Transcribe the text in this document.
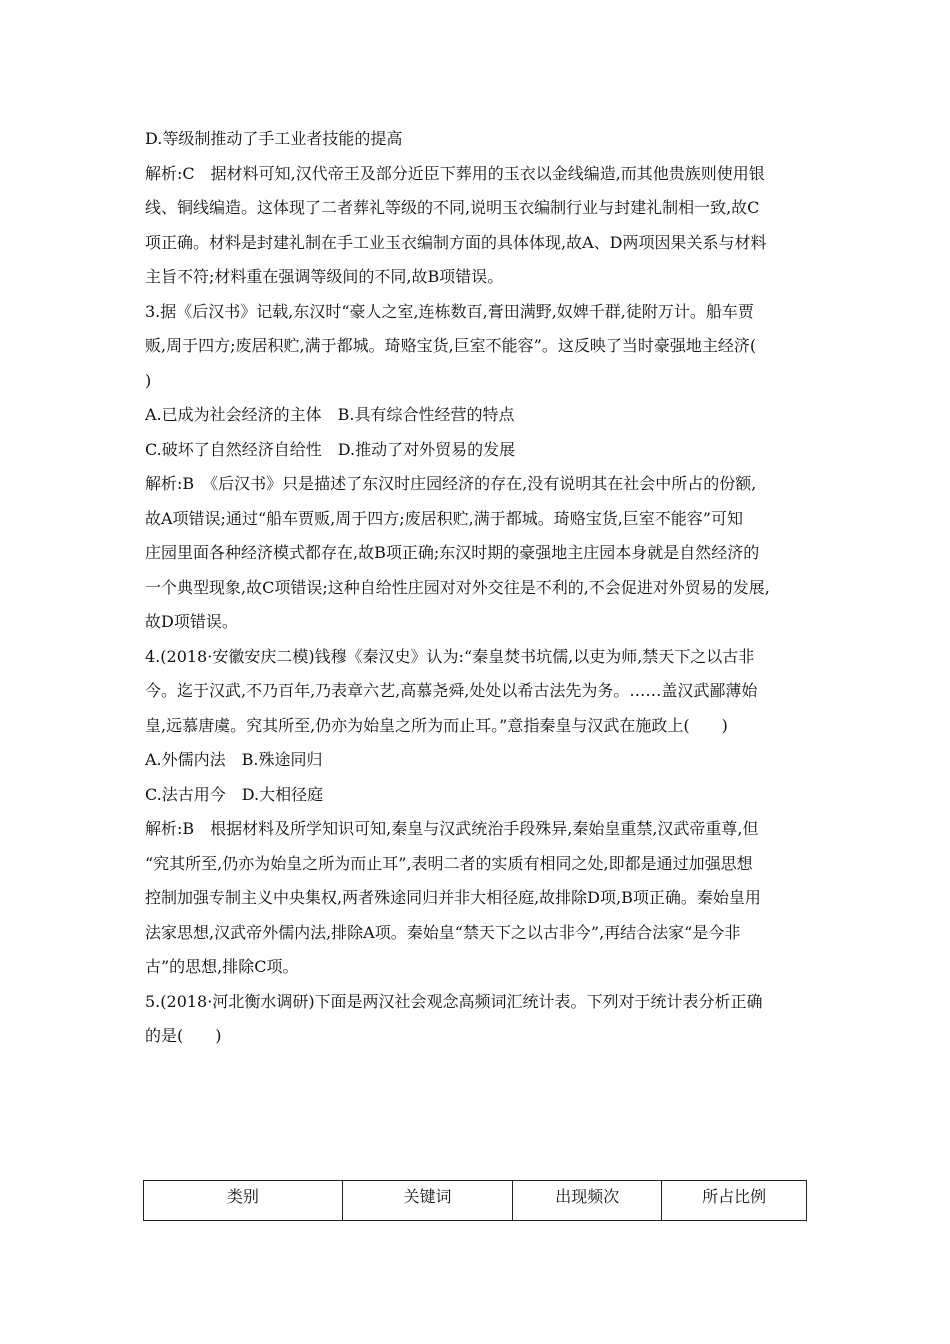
D.等级制推动了手工业者技能的提高

解析:C　据材料可知,汉代帝王及部分近臣下葬用的玉衣以金线编造,而其他贵族则使用银

线、铜线编造。这体现了二者葬礼等级的不同,说明玉衣编制行业与封建礼制相一致,故C

项正确。材料是封建礼制在手工业玉衣编制方面的具体体现,故A、D两项因果关系与材料

主旨不符;材料重在强调等级间的不同,故B项错误。

3.据《后汉书》记载,东汉时“豪人之室,连栋数百,膏田满野,奴婢千群,徒附万计。船车贾

贩,周于四方;废居积贮,满于都城。琦赂宝货,巨室不能容”。这反映了当时豪强地主经济(

)

A.已成为社会经济的主体　B.具有综合性经营的特点

C.破坏了自然经济自给性　D.推动了对外贸易的发展

解析:B　《后汉书》只是描述了东汉时庄园经济的存在,没有说明其在社会中所占的份额,

故A项错误;通过“船车贾贩,周于四方;废居积贮,满于都城。琦赂宝货,巨室不能容”可知

庄园里面各种经济模式都存在,故B项正确;东汉时期的豪强地主庄园本身就是自然经济的

一个典型现象,故C项错误;这种自给性庄园对对外交往是不利的,不会促进对外贸易的发展,

故D项错误。

4.(2018·安徽安庆二模)钱穆《秦汉史》认为:“秦皇焚书坑儒,以吏为师,禁天下之以古非

今。迄于汉武,不乃百年,乃表章六艺,高慕尧舜,处处以希古法先为务。……盖汉武鄙薄始

皇,远慕唐虞。究其所至,仍亦为始皇之所为而止耳。”意指秦皇与汉武在施政上(　　)

A.外儒内法　B.殊途同归

C.法古用今　D.大相径庭

解析:B　根据材料及所学知识可知,秦皇与汉武统治手段殊异,秦始皇重禁,汉武帝重尊,但

“究其所至,仍亦为始皇之所为而止耳”,表明二者的实质有相同之处,即都是通过加强思想

控制加强专制主义中央集权,两者殊途同归并非大相径庭,故排除D项,B项正确。秦始皇用

法家思想,汉武帝外儒内法,排除A项。秦始皇“禁天下之以古非今”,再结合法家“是今非

古”的思想,排除C项。

5.(2018·河北衡水调研)下面是两汉社会观念高频词汇统计表。下列对于统计表分析正确

的是(　　)

类别	关键词	出现频次	所占比例
